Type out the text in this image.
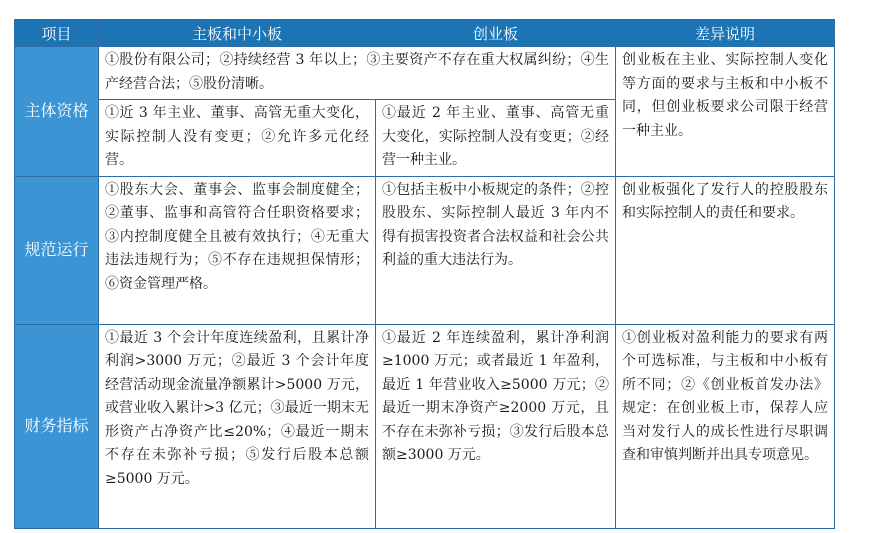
项目	主板和中小板	创业板	差异说明
主体资格	①股份有限公司；②持续经营 3 年以上；③主要资产不存在重大权属纠纷；④生产经营合法；⑤股份清晰。		创业板在主业、实际控制人变化等方面的要求与主板和中小板不同，但创业板要求公司限于经营一种主业。
	①近 3 年主业、董事、高管无重大变化，实际控制人没有变更；②允许多元化经营。	①最近 2 年主业、董事、高管无重大变化，实际控制人没有变更；②经营一种主业。	
规范运行	①股东大会、董事会、监事会制度健全；②董事、监事和高管符合任职资格要求；③内控制度健全且被有效执行；④无重大违法违规行为；⑤不存在违规担保情形；⑥资金管理严格。	①包括主板中小板规定的条件；②控股股东、实际控制人最近 3 年内不得有损害投资者合法权益和社会公共利益的重大违法行为。	创业板强化了发行人的控股股东和实际控制人的责任和要求。
财务指标	①最近 3 个会计年度连续盈利，且累计净利润>3000 万元；②最近 3 个会计年度经营活动现金流量净额累计>5000 万元，或营业收入累计>3 亿元；③最近一期末无形资产占净资产比≤20%；④最近一期末不存在未弥补亏损；⑤发行后股本总额≥5000 万元。	①最近 2 年连续盈利，累计净利润≥1000 万元；或者最近 1 年盈利，最近 1 年营业收入≥5000 万元；②最近一期末净资产≥2000 万元，且不存在未弥补亏损；③发行后股本总额≥3000 万元。	①创业板对盈利能力的要求有两个可选标准，与主板和中小板有所不同；②《创业板首发办法》规定：在创业板上市，保荐人应当对发行人的成长性进行尽职调查和审慎判断并出具专项意见。
